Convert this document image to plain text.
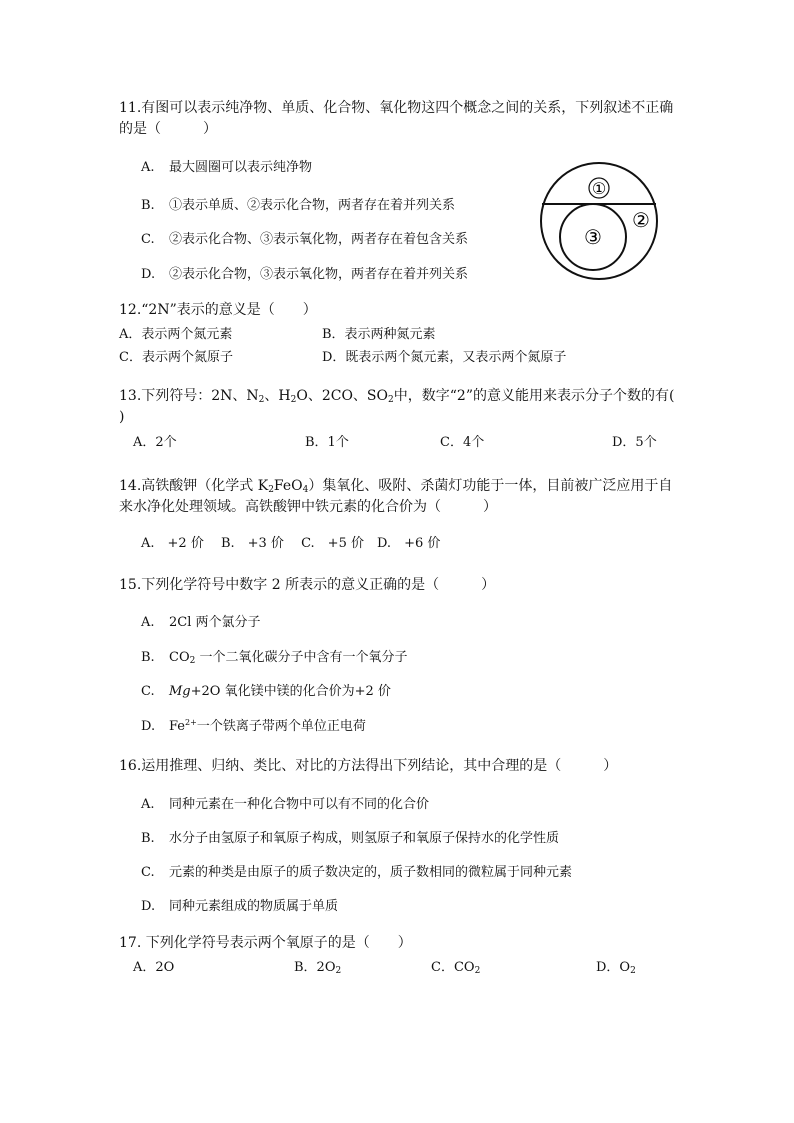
11.有图可以表示纯净物、单质、化合物、氧化物这四个概念之间的关系，下列叙述不正确的是（　　　）
A. 最大圆圈可以表示纯净物
B. ①表示单质、②表示化合物，两者存在着并列关系
C. ②表示化合物、③表示氧化物，两者存在着包含关系
D. ②表示化合物，③表示氧化物，两者存在着并列关系
①
②
③
12.“2N”表示的意义是（　　）
A．表示两个氮元素	B．表示两种氮元素
C．表示两个氮原子	D．既表示两个氮元素，又表示两个氮原子
13.下列符号：2N、$N_2$、$H_2O$、2CO、$SO_2$中，数字“2”的意义能用来表示分子个数的有(
)
A．2个	B．1个	C．4个	D．5个
14.高铁酸钾（化学式 $K_2FeO_4$）集氧化、吸附、杀菌灯功能于一体，目前被广泛应用于自来水净化处理领域。高铁酸钾中铁元素的化合价为（　　　）
A.　+2 价　 B.　+3 价　 C.　+5 价　D.　+6 价
15.下列化学符号中数字 2 所表示的意义正确的是（　　　）
A. 2Cl 两个氯分子
B. $CO_2$ 一个二氧化碳分子中含有一个氧分子
C. Mg+2O 氧化镁中镁的化合价为+2 价
D. $Fe^{2+}$一个铁离子带两个单位正电荷
16.运用推理、归纳、类比、对比的方法得出下列结论，其中合理的是（　　　）
A. 同种元素在一种化合物中可以有不同的化合价
B. 水分子由氢原子和氧原子构成，则氢原子和氧原子保持水的化学性质
C. 元素的种类是由原子的质子数决定的，质子数相同的微粒属于同种元素
D. 同种元素组成的物质属于单质
17. 下列化学符号表示两个氧原子的是（　　）
A．2O	B．$2O_2$	C．$CO_2$	D．$O_2$
